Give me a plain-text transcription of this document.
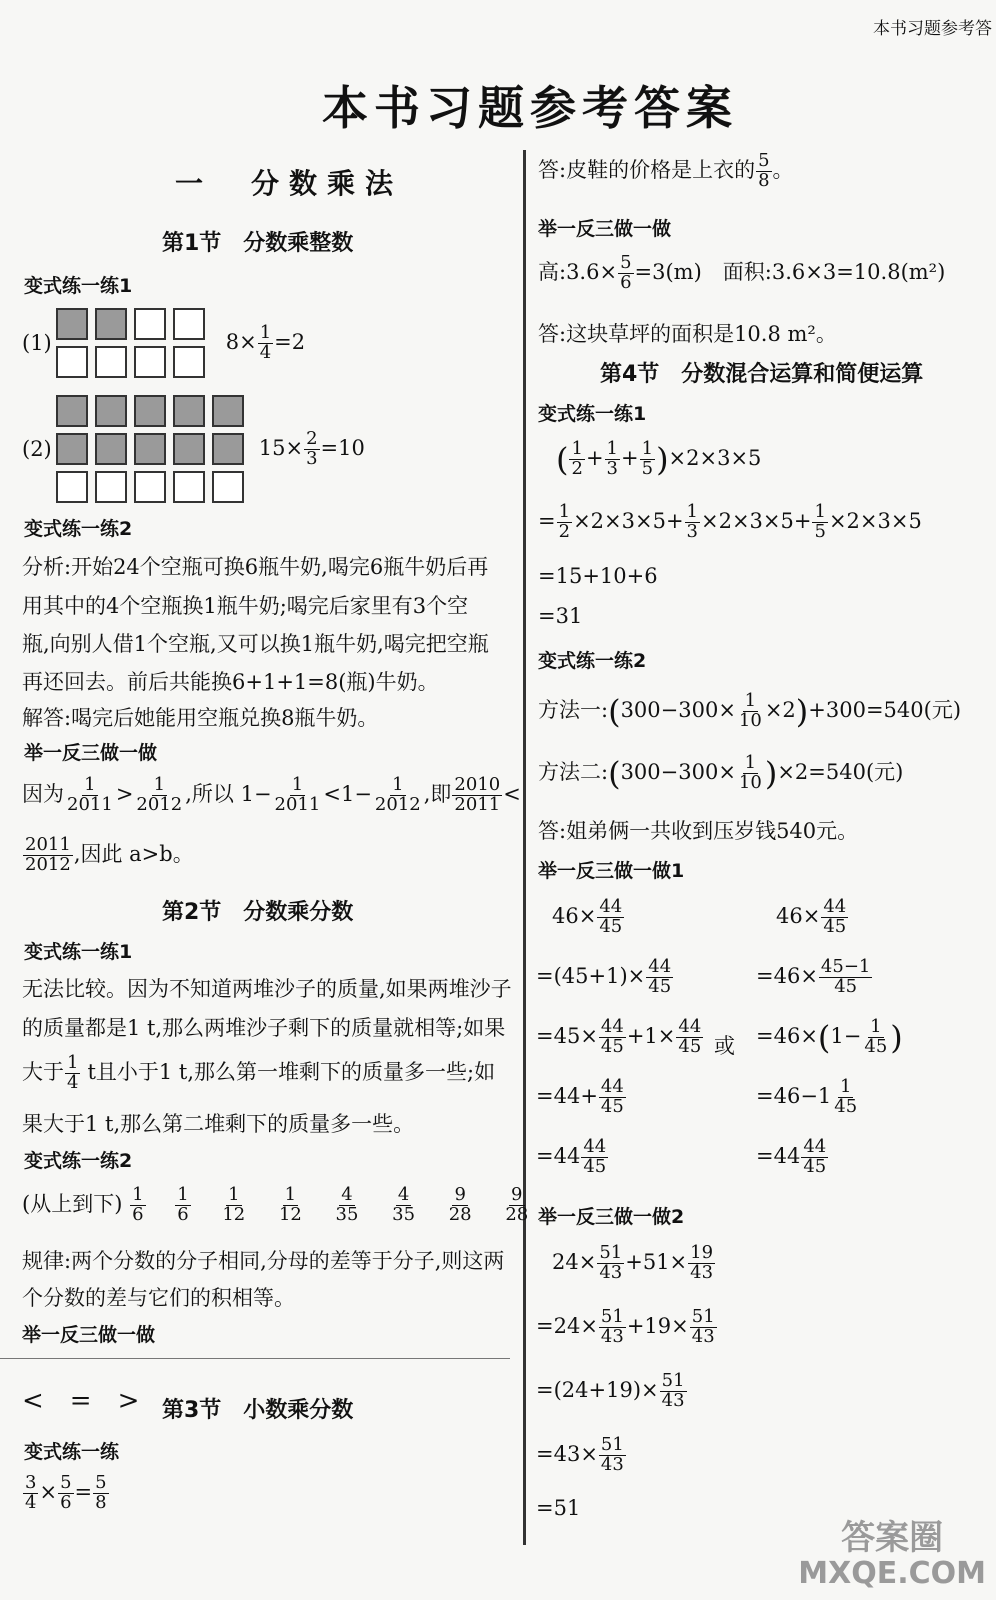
本书习题参考答
本书习题参考答案
一　分数乘法
第1节　分数乘整数
变式练一练1
(1)	$8\times \frac{1}{4} =2$
(2)	$15\times \frac{2}{3} =10$
变式练一练2
分析:开始24个空瓶可换6瓶牛奶,喝完6瓶牛奶后再
用其中的4个空瓶换1瓶牛奶;喝完后家里有3个空
瓶,向别人借1个空瓶,又可以换1瓶牛奶,喝完把空瓶
再还回去。前后共能换6+1+1=8(瓶)牛奶。
解答:喝完后她能用空瓶兑换8瓶牛奶。
举一反三做一做
因为 $\frac{1}{2011} > \frac{1}{2012}$ ,所以 $1- \frac{1}{2011} <1- \frac{1}{2012}$ ,即 $\frac{2010}{2011}$ <
$\frac{2011}{2012}$ ,因此 a>b。
第2节　分数乘分数
变式练一练1
无法比较。因为不知道两堆沙子的质量,如果两堆沙子
的质量都是1 t,那么两堆沙子剩下的质量就相等;如果
大于 $\frac{1}{4}$ t且小于1 t,那么第一堆剩下的质量多一些;如
果大于1 t,那么第二堆剩下的质量多一些。
变式练一练2
(从上到下) $\frac{1}{6}$
$\frac{1}{6}$
$\frac{1}{12}$
$\frac{1}{12}$
$\frac{4}{35}$
$\frac{4}{35}$
$\frac{9}{28}$
$\frac{9}{28}$
规律:两个分数的分子相同,分母的差等于分子,则这两
个分数的差与它们的积相等。
举一反三做一做
<　=　> 第3节　小数乘分数
变式练一练
$\frac{3}{4} \times \frac{5}{6} = \frac{5}{8}$
答:皮鞋的价格是上衣的 $\frac{5}{8}$ 。
举一反三做一做
高:3.6× $\frac{5}{6} =3(m)$　面积:3.6×3=10.8(m²)
答:这块草坪的面积是10.8 m²。
第4节　分数混合运算和简便运算
变式练一练1
( $\frac{1}{2} + \frac{1}{3} + \frac{1}{5} )\times 2\times 3\times 5$
= $\frac{1}{2} \times 2\times 3\times 5+ \frac{1}{3} \times 2\times 3\times 5+ \frac{1}{5} \times 2\times 3\times 5$
=15+10+6
=31
变式练一练2
方法一:(300−300× $\frac{1}{10} \times 2)+300=540$(元)
方法二:(300−300× $\frac{1}{10} )\times 2=540$(元)
答:姐弟俩一共收到压岁钱540元。
举一反三做一做1
$46\times \frac{44}{45}$	$46\times \frac{44}{45}$
$=(45+1)\times \frac{44}{45}$	$=46\times \frac{45-1}{45}$
$=45\times \frac{44}{45} +1\times \frac{44}{45}$ 或 $=46\times(1- \frac{1}{45}$ )
$=44+ \frac{44}{45}$	$=46-1 \frac{1}{45}$
$=44 \frac{44}{45}$	$=44 \frac{44}{45}$
举一反三做一做2
$24\times \frac{51}{43} +51\times \frac{19}{43}$
$=24\times \frac{51}{43} +19\times \frac{51}{43}$
$=(24+19)\times \frac{51}{43}$
$=43\times \frac{51}{43}$
=51
答案圈
MXQE.COM
